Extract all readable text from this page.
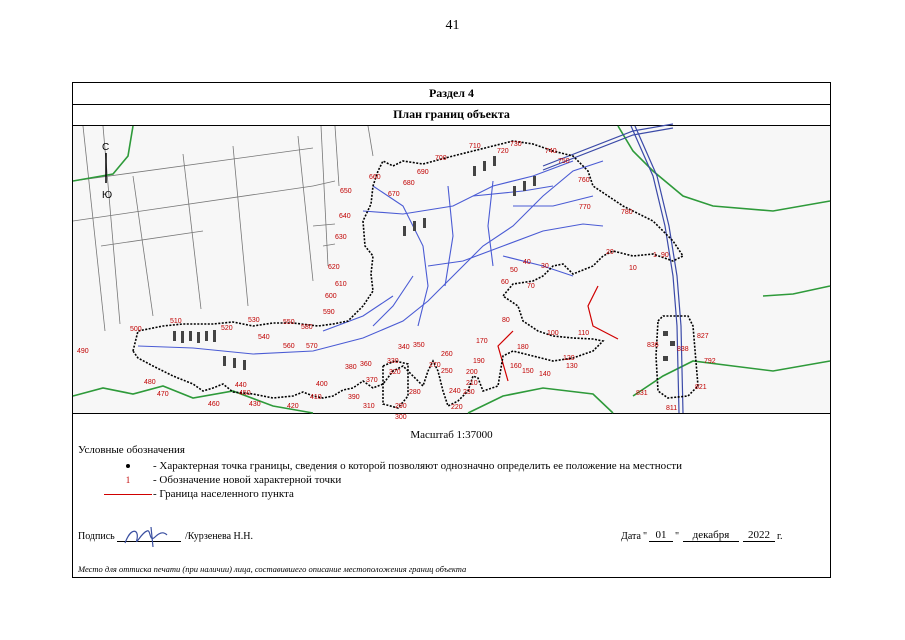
41
Раздел 4
План границ объекта
С
Ю
490
500
510
520
530
540
550
560 570
580
590
600
610
620
630
640
650
660
670
680
690
700
710
720
730
740
750
760
770
780
1
10
20
30
40
50
60
70
80
90
100	110
120
130
140
150
160
170
180
190
200
210
220
230
240
250
260
270
280
290
300
310
320
330
340 350
360
370
380
390
400
410
420
430
440
450
460
470
480
792
811
821
827
831
836
838
Масштаб 1:37000
Условные обозначения
- Характерная точка границы, сведения о которой позволяют однозначно определить ее положение на местности
1 - Обозначение новой характерной точки
- Граница населенного пункта
Подпись	/Курзенева Н.Н.	Дата " 01 "	декабря	2022 г.
Место для оттиска печати (при наличии) лица, составившего описание местоположения границ объекта
